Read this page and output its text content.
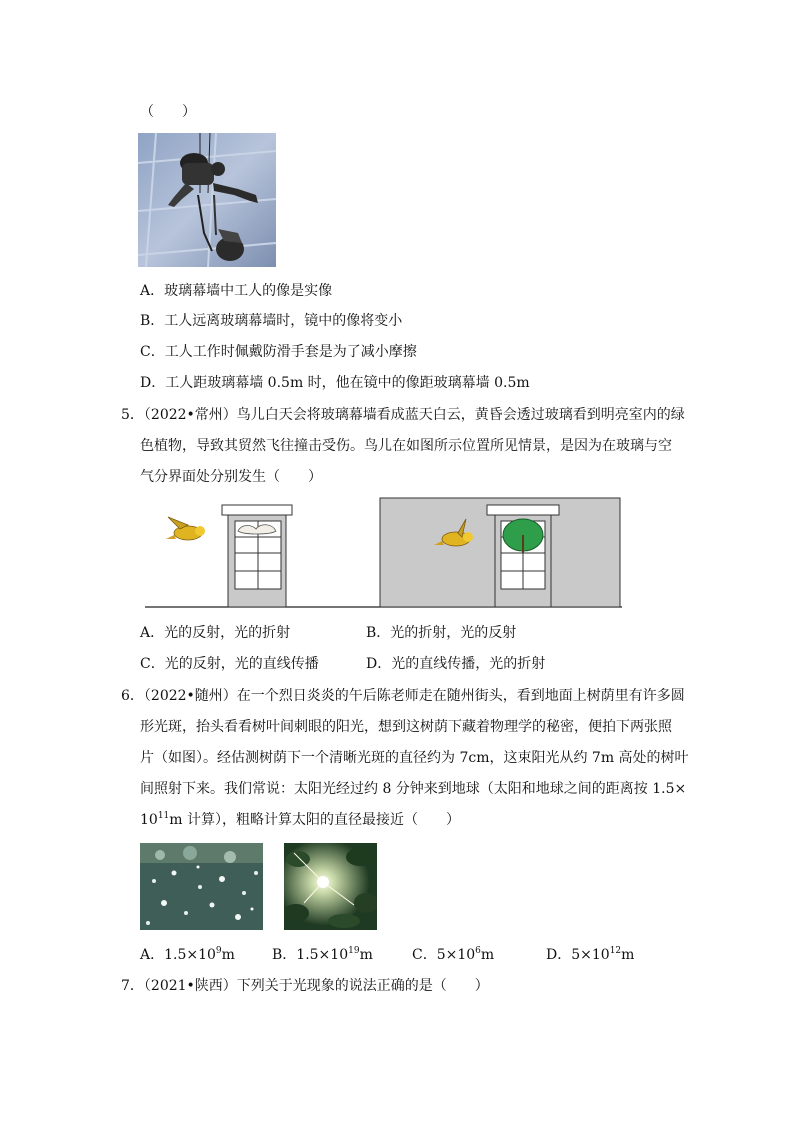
（　　）
A．玻璃幕墙中工人的像是实像
B．工人远离玻璃幕墙时，镜中的像将变小
C．工人工作时佩戴防滑手套是为了减小摩擦
D．工人距玻璃幕墙 0.5m 时，他在镜中的像距玻璃幕墙 0.5m
5．（2022•常州）鸟儿白天会将玻璃幕墙看成蓝天白云，黄昏会透过玻璃看到明亮室内的绿
色植物，导致其贸然飞往撞击受伤。鸟儿在如图所示位置所见情景，是因为在玻璃与空
气分界面处分别发生（　　）
A．光的反射，光的折射	B．光的折射，光的反射
C．光的反射，光的直线传播	D．光的直线传播，光的折射
6．（2022•随州）在一个烈日炎炎的午后陈老师走在随州街头，看到地面上树荫里有许多圆
形光斑，抬头看看树叶间刺眼的阳光，想到这树荫下藏着物理学的秘密，便拍下两张照
片（如图）。经估测树荫下一个清晰光斑的直径约为 7cm，这束阳光从约 7m 高处的树叶
间照射下来。我们常说：太阳光经过约 8 分钟来到地球（太阳和地球之间的距离按 1.5×
$10^{11}m$ 计算），粗略计算太阳的直径最接近（　　）
A．$1.5\times 10^9m$	B．$1.5\times 10^{19}m$	C．$5\times 10^6m$	D．$5\times 10^{12}m$
7．（2021•陕西）下列关于光现象的说法正确的是（　　）
